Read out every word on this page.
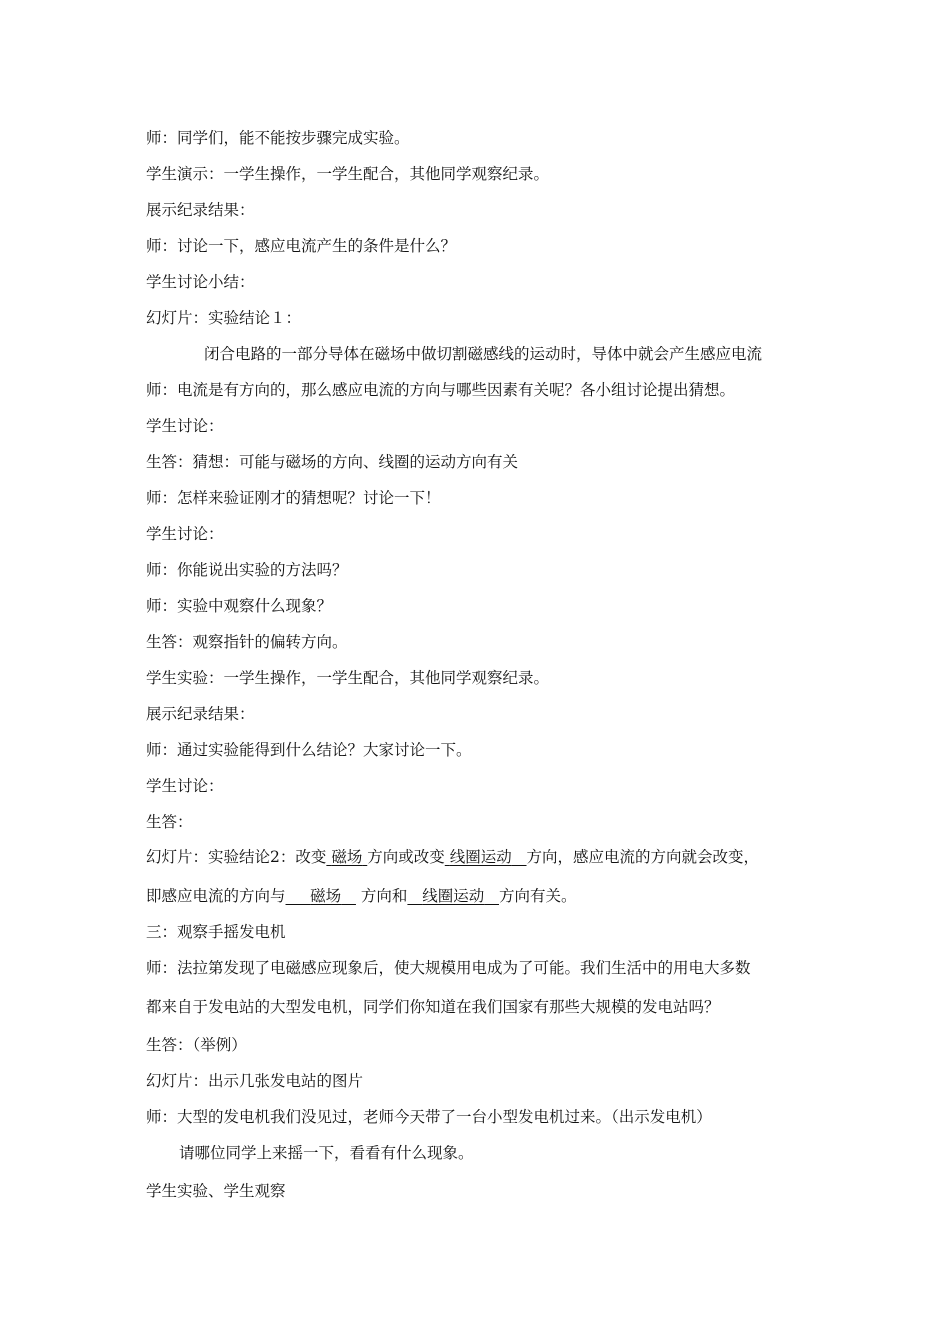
师：同学们，能不能按步骤完成实验。
学生演示：一学生操作，一学生配合，其他同学观察纪录。
展示纪录结果：
师：讨论一下，感应电流产生的条件是什么？
学生讨论小结：
幻灯片：实验结论１：
闭合电路的一部分导体在磁场中做切割磁感线的运动时，导体中就会产生感应电流
师：电流是有方向的，那么感应电流的方向与哪些因素有关呢？各小组讨论提出猜想。
学生讨论：
生答：猜想：可能与磁场的方向、线圈的运动方向有关
师：怎样来验证刚才的猜想呢？讨论一下！
学生讨论：
师：你能说出实验的方法吗？
师：实验中观察什么现象？
生答：观察指针的偏转方向。
学生实验：一学生操作，一学生配合，其他同学观察纪录。
展示纪录结果：
师：通过实验能得到什么结论？大家讨论一下。
学生讨论：
生答：
幻灯片：实验结论2：改变 磁场 方向或改变 线圈运动 方向，感应电流的方向就会改变，
即感应电流的方向与 磁场 方向和 线圈运动 方向有关。
三：观察手摇发电机
师：法拉第发现了电磁感应现象后，使大规模用电成为了可能。我们生活中的用电大多数
都来自于发电站的大型发电机，同学们你知道在我们国家有那些大规模的发电站吗？
生答：（举例）
幻灯片：出示几张发电站的图片
师：大型的发电机我们没见过，老师今天带了一台小型发电机过来。（出示发电机）
请哪位同学上来摇一下，看看有什么现象。
学生实验、学生观察
